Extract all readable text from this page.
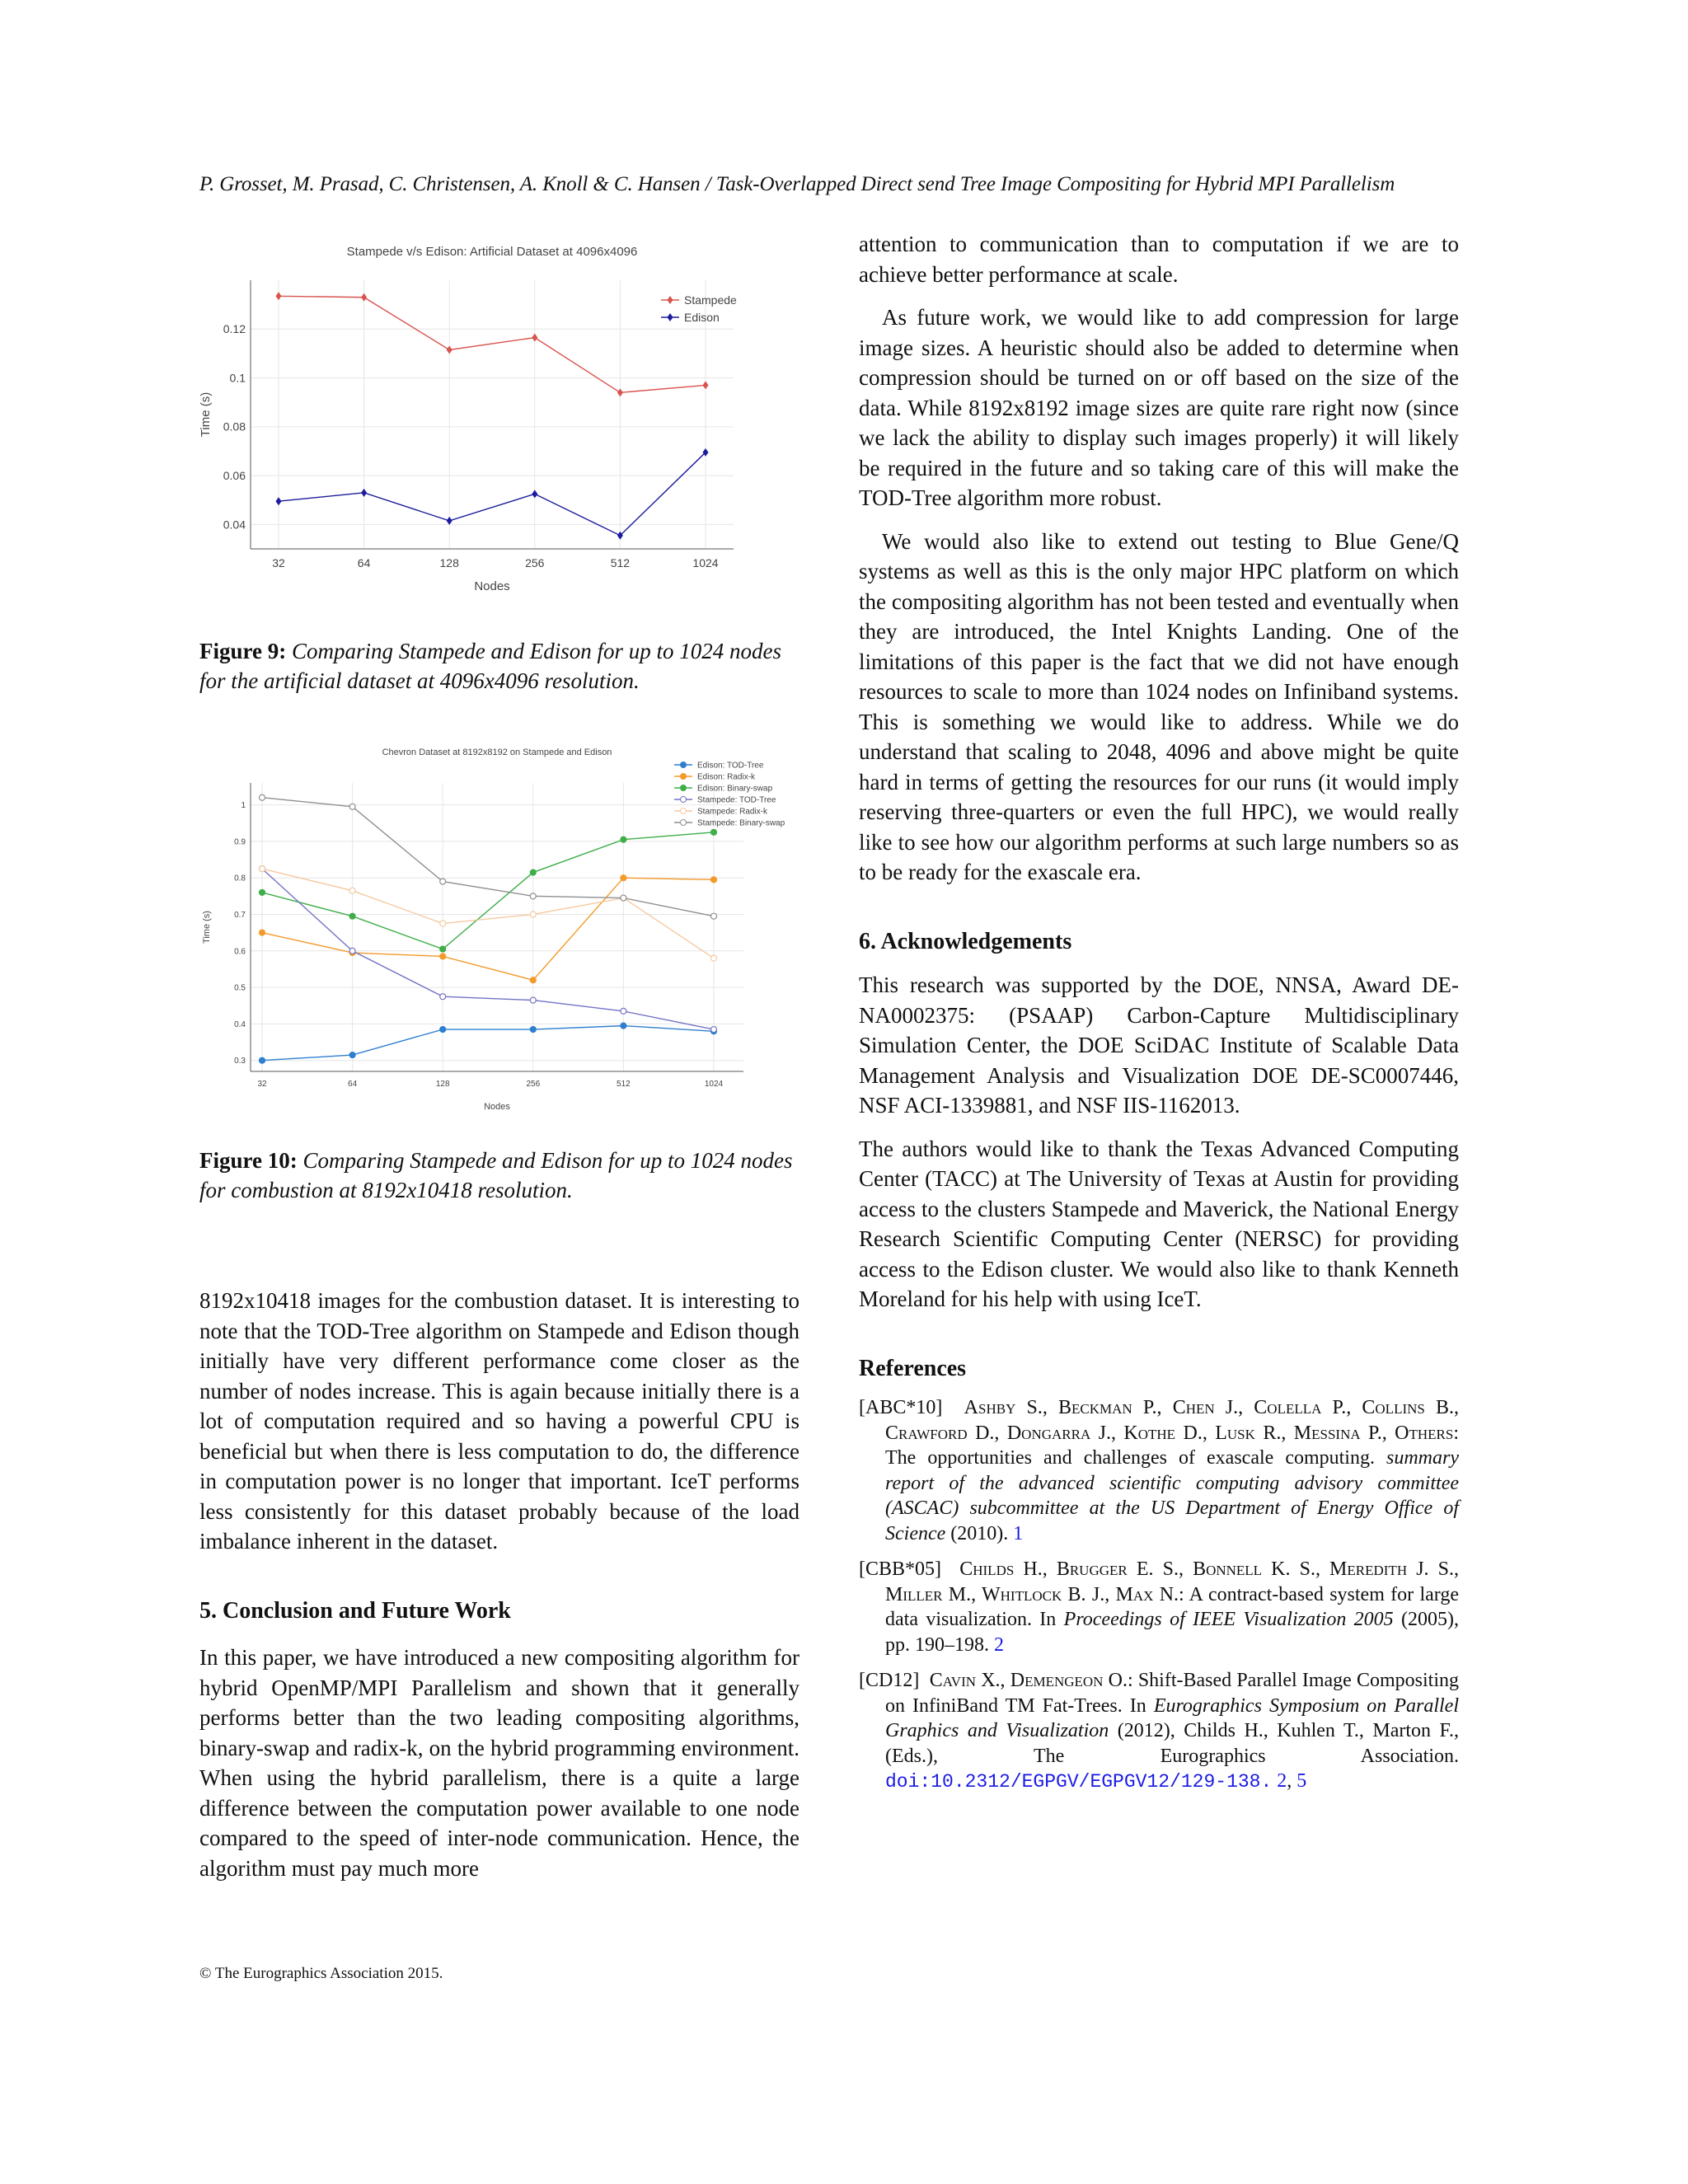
P. Grosset, M. Prasad, C. Christensen, A. Knoll & C. Hansen / Task-Overlapped Direct send Tree Image Compositing for Hybrid MPI Parallelism
Stampede v/s Edison: Artificial Dataset at 4096x4096
0.04
0.06
0.08
0.1
0.12
32	64	128	256	512	1024
Nodes
Time (s)
Stampede
Edison
Figure 9: Comparing Stampede and Edison for up to 1024 nodes for the artificial dataset at 4096x4096 resolution.
Chevron Dataset at 8192x8192 on Stampede and Edison
0.3
0.4
0.5
0.6
0.7
0.8
0.9
1
32	64	128	256	512	1024
Nodes
Time (s)
Edison: TOD-Tree
Edison: Radix-k
Edison: Binary-swap
Stampede: TOD-Tree
Stampede: Radix-k
Stampede: Binary-swap
Figure 10: Comparing Stampede and Edison for up to 1024 nodes for combustion at 8192x10418 resolution.

8192x10418 images for the combustion dataset. It is interesting to note that the TOD-Tree algorithm on Stampede and Edison though initially have very different performance come closer as the number of nodes increase. This is again because initially there is a lot of computation required and so having a powerful CPU is beneficial but when there is less computation to do, the difference in computation power is no longer that important. IceT performs less consistently for this dataset probably because of the load imbalance inherent in the dataset.

5. Conclusion and Future Work

In this paper, we have introduced a new compositing algorithm for hybrid OpenMP/MPI Parallelism and shown that it generally performs better than the two leading compositing algorithms, binary-swap and radix-k, on the hybrid programming environment. When using the hybrid parallelism, there is a quite a large difference between the computation power available to one node compared to the speed of inter-node communication. Hence, the algorithm must pay much more

attention to communication than to computation if we are to achieve better performance at scale.

As future work, we would like to add compression for large image sizes. A heuristic should also be added to determine when compression should be turned on or off based on the size of the data. While 8192x8192 image sizes are quite rare right now (since we lack the ability to display such images properly) it will likely be required in the future and so taking care of this will make the TOD-Tree algorithm more robust.

We would also like to extend out testing to Blue Gene/Q systems as well as this is the only major HPC platform on which the compositing algorithm has not been tested and eventually when they are introduced, the Intel Knights Landing. One of the limitations of this paper is the fact that we did not have enough resources to scale to more than 1024 nodes on Infiniband systems. This is something we would like to address. While we do understand that scaling to 2048, 4096 and above might be quite hard in terms of getting the resources for our runs (it would imply reserving three-quarters or even the full HPC), we would really like to see how our algorithm performs at such large numbers so as to be ready for the exascale era.

6. Acknowledgements

This research was supported by the DOE, NNSA, Award DE-NA0002375: (PSAAP) Carbon-Capture Multidisciplinary Simulation Center, the DOE SciDAC Institute of Scalable Data Management Analysis and Visualization DOE DE-SC0007446, NSF ACI-1339881, and NSF IIS-1162013.

The authors would like to thank the Texas Advanced Computing Center (TACC) at The University of Texas at Austin for providing access to the clusters Stampede and Maverick, the National Energy Research Scientific Computing Center (NERSC) for providing access to the Edison cluster. We would also like to thank Kenneth Moreland for his help with using IceT.

References
[ABC*10] Ashby S., Beckman P., Chen J., Colella P., Collins B., Crawford D., Dongarra J., Kothe D., Lusk R., Messina P., Others: The opportunities and challenges of exascale computing. summary report of the advanced scientific computing advisory committee (ASCAC) subcommittee at the US Department of Energy Office of Science (2010). 1
[CBB*05] Childs H., Brugger E. S., Bonnell K. S., Meredith J. S., Miller M., Whitlock B. J., Max N.: A contract-based system for large data visualization. In Proceedings of IEEE Visualization 2005 (2005), pp. 190–198. 2
[CD12] Cavin X., Demengeon O.: Shift-Based Parallel Image Compositing on InfiniBand TM Fat-Trees. In Eurographics Symposium on Parallel Graphics and Visualization (2012), Childs H., Kuhlen T., Marton F., (Eds.), The Eurographics Association. doi:10.2312/EGPGV/EGPGV12/129-138. 2, 5
© The Eurographics Association 2015.
